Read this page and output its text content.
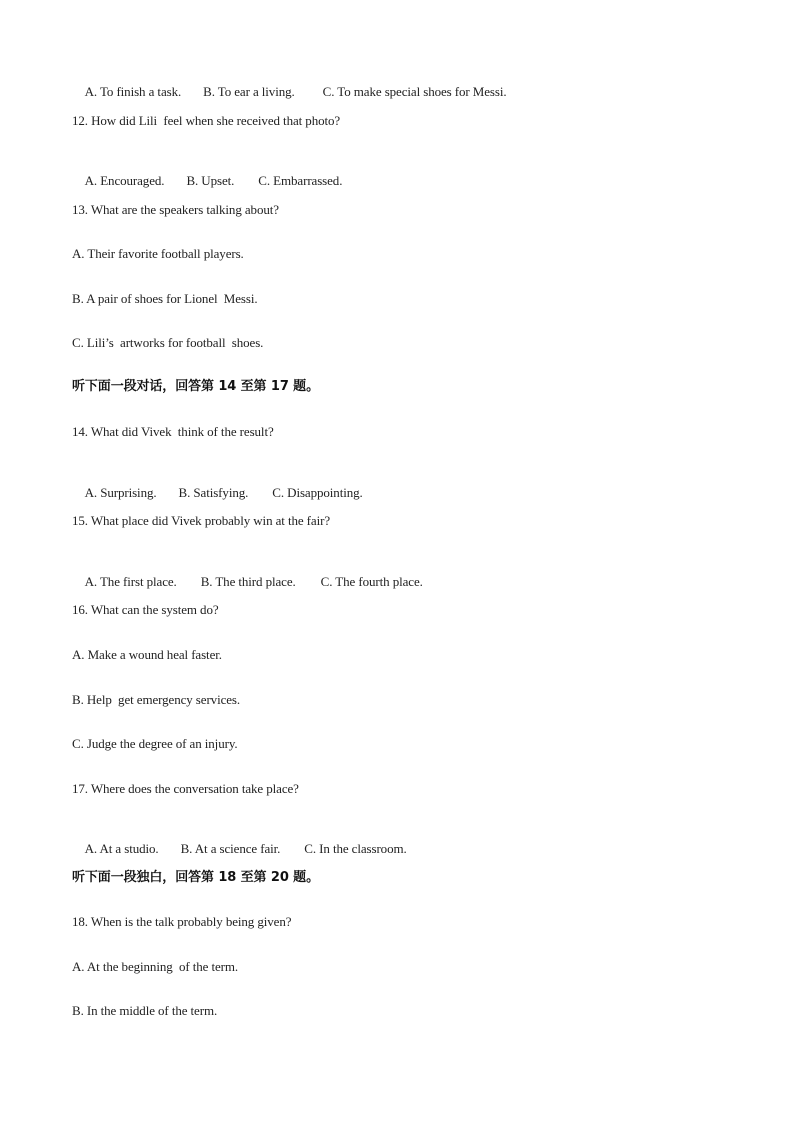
A. To finish a task. B. To ear a living. C. To make special shoes for Messi.

12. How did Lili  feel when she received that photo?

A. Encouraged. B. Upset. C. Embarrassed.

13. What are the speakers talking about?
A. Their favorite football players.
B. A pair of shoes for Lionel  Messi.
C. Lili’s  artworks for football  shoes.
听下面一段对话，回答第 14 至第 17 题。
14. What did Vivek  think of the result?

A. Surprising. B. Satisfying. C. Disappointing.

15. What place did Vivek probably win at the fair?

A. The first place. B. The third place. C. The fourth place.

16. What can the system do?
A. Make a wound heal faster.
B. Help  get emergency services.
C. Judge the degree of an injury.
17. Where does the conversation take place?

A. At a studio. B. At a science fair. C. In the classroom.

听下面一段独白，回答第 18 至第 20 题。
18. When is the talk probably being given?
A. At the beginning  of the term.
B. In the middle of the term.
